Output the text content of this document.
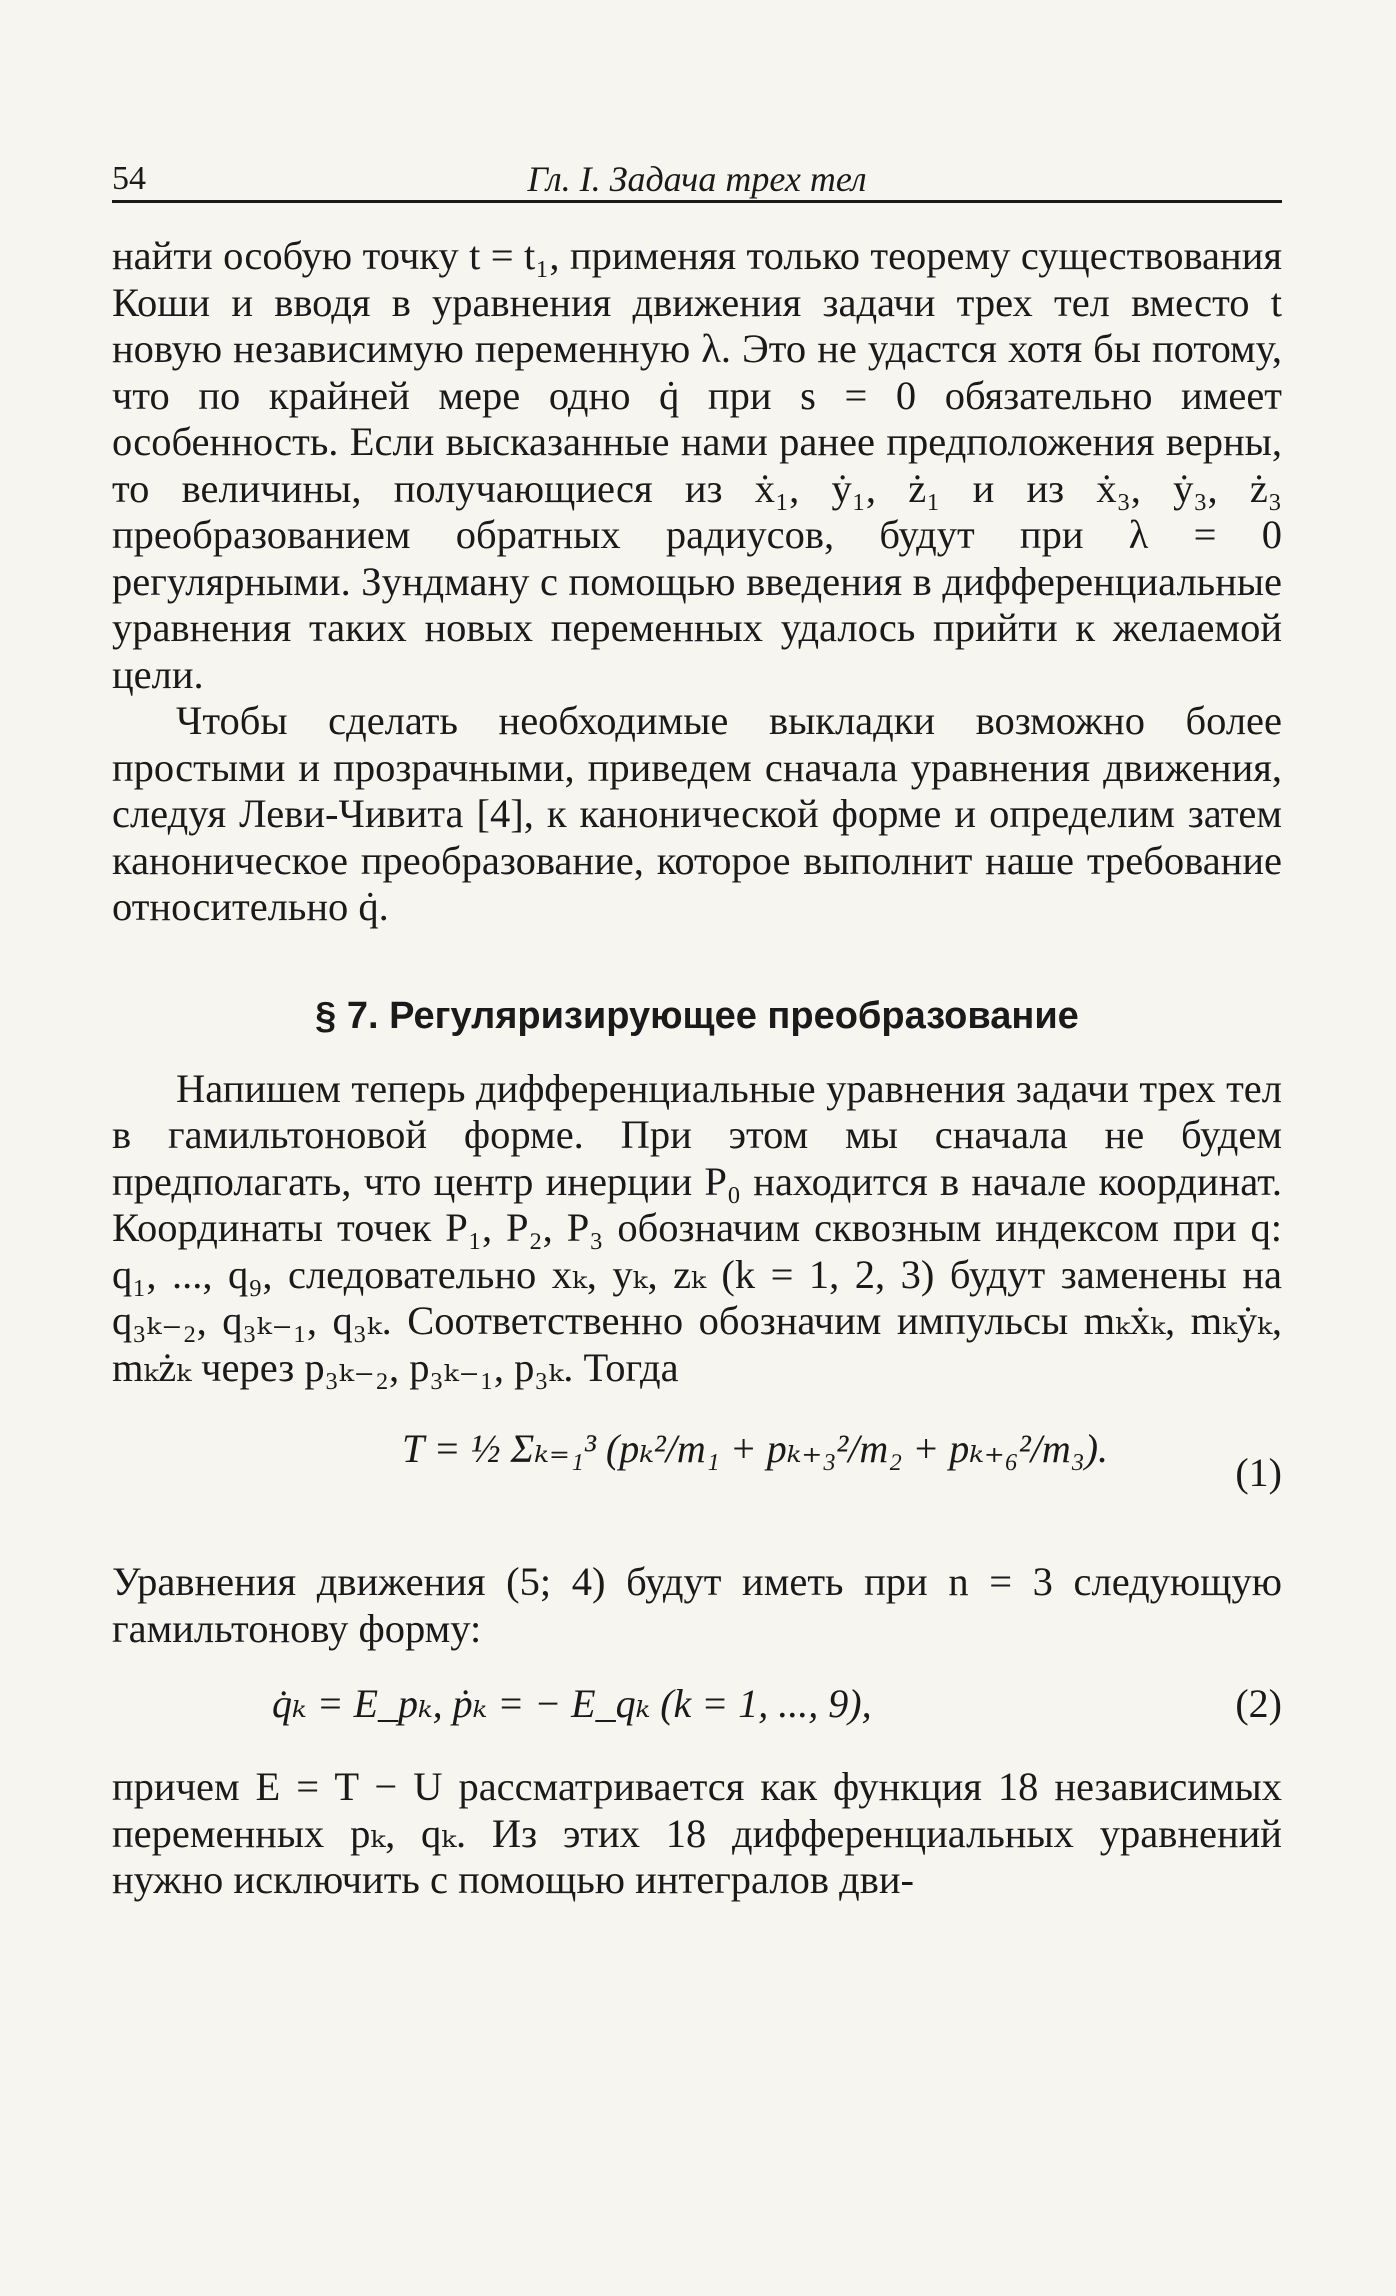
54	Гл. I. Задача трех тел

найти особую точку t = t₁, применяя только теорему существования Коши и вводя в уравнения движения задачи трех тел вместо t новую независимую переменную λ. Это не удастся хотя бы потому, что по крайней мере одно q̇ при s = 0 обязательно имеет особенность. Если высказанные нами ранее предположения верны, то величины, получающиеся из ẋ₁, ẏ₁, ż₁ и из ẋ₃, ẏ₃, ż₃ преобразованием обратных радиусов, будут при λ = 0 регулярными. Зундману с помощью введения в дифференциальные уравнения таких новых переменных удалось прийти к желаемой цели.

Чтобы сделать необходимые выкладки возможно более простыми и прозрачными, приведем сначала уравнения движения, следуя Леви-Чивита [4], к канонической форме и определим затем каноническое преобразование, которое выполнит наше требование относительно q̇.

§ 7. Регуляризирующее преобразование

Напишем теперь дифференциальные уравнения задачи трех тел в гамильтоновой форме. При этом мы сначала не будем предполагать, что центр инерции P₀ находится в начале координат. Координаты точек P₁, P₂, P₃ обозначим сквозным индексом при q: q₁, ..., q₉, следовательно xₖ, yₖ, zₖ (k = 1, 2, 3) будут заменены на q₃ₖ₋₂, q₃ₖ₋₁, q₃ₖ. Соответственно обозначим импульсы mₖẋₖ, mₖẏₖ, mₖżₖ через p₃ₖ₋₂, p₃ₖ₋₁, p₃ₖ. Тогда

T = ½ Σₖ₌₁³ (pₖ²/m₁ + pₖ₊₃²/m₂ + pₖ₊₆²/m₃).
(1)

Уравнения движения (5; 4) будут иметь при n = 3 следующую гамильтонову форму:

q̇ₖ = E_pₖ, ṗₖ = − E_qₖ (k = 1, ..., 9),	(2)

причем E = T − U рассматривается как функция 18 независимых переменных pₖ, qₖ. Из этих 18 дифференциальных уравнений нужно исключить с помощью интегралов дви-
